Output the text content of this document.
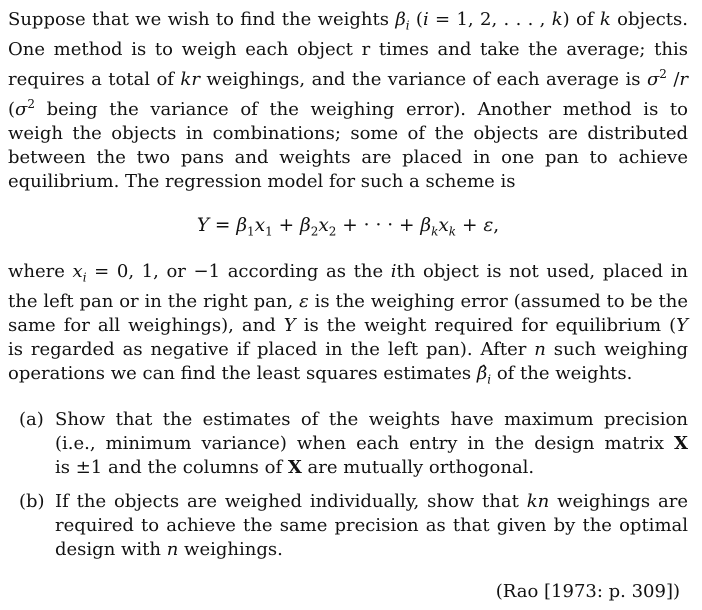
Suppose that we wish to find the weights $\beta_i$ (i = 1, 2, . . . , k) of k objects.
One method is to weigh each object r times and take the average; this
requires a total of kr weighings, and the variance of each average is $\sigma^2$ /r
($\sigma^2$ being the variance of the weighing error). Another method is to
weigh the objects in combinations; some of the objects are distributed
between the two pans and weights are placed in one pan to achieve
equilibrium. The regression model for such a scheme is
$Y = \beta_1x_1 + \beta_2x_2$ + · · · + $\beta_kx_k + \varepsilon$,
where $x_i = 0$, 1, or −1 according as the ith object is not used, placed in
the left pan or in the right pan, ε is the weighing error (assumed to be the
same for all weighings), and Y is the weight required for equilibrium (Y
is regarded as negative if placed in the left pan). After n such weighing
operations we can find the least squares estimates $\betâ_i$ of the weights.
(a) Show that the estimates of the weights have maximum precision
(i.e., minimum variance) when each entry in the design matrix X
is ±1 and the columns of X are mutually orthogonal.
(b) If the objects are weighed individually, show that kn weighings are
required to achieve the same precision as that given by the optimal
design with n weighings.
(Rao [1973: p. 309])
